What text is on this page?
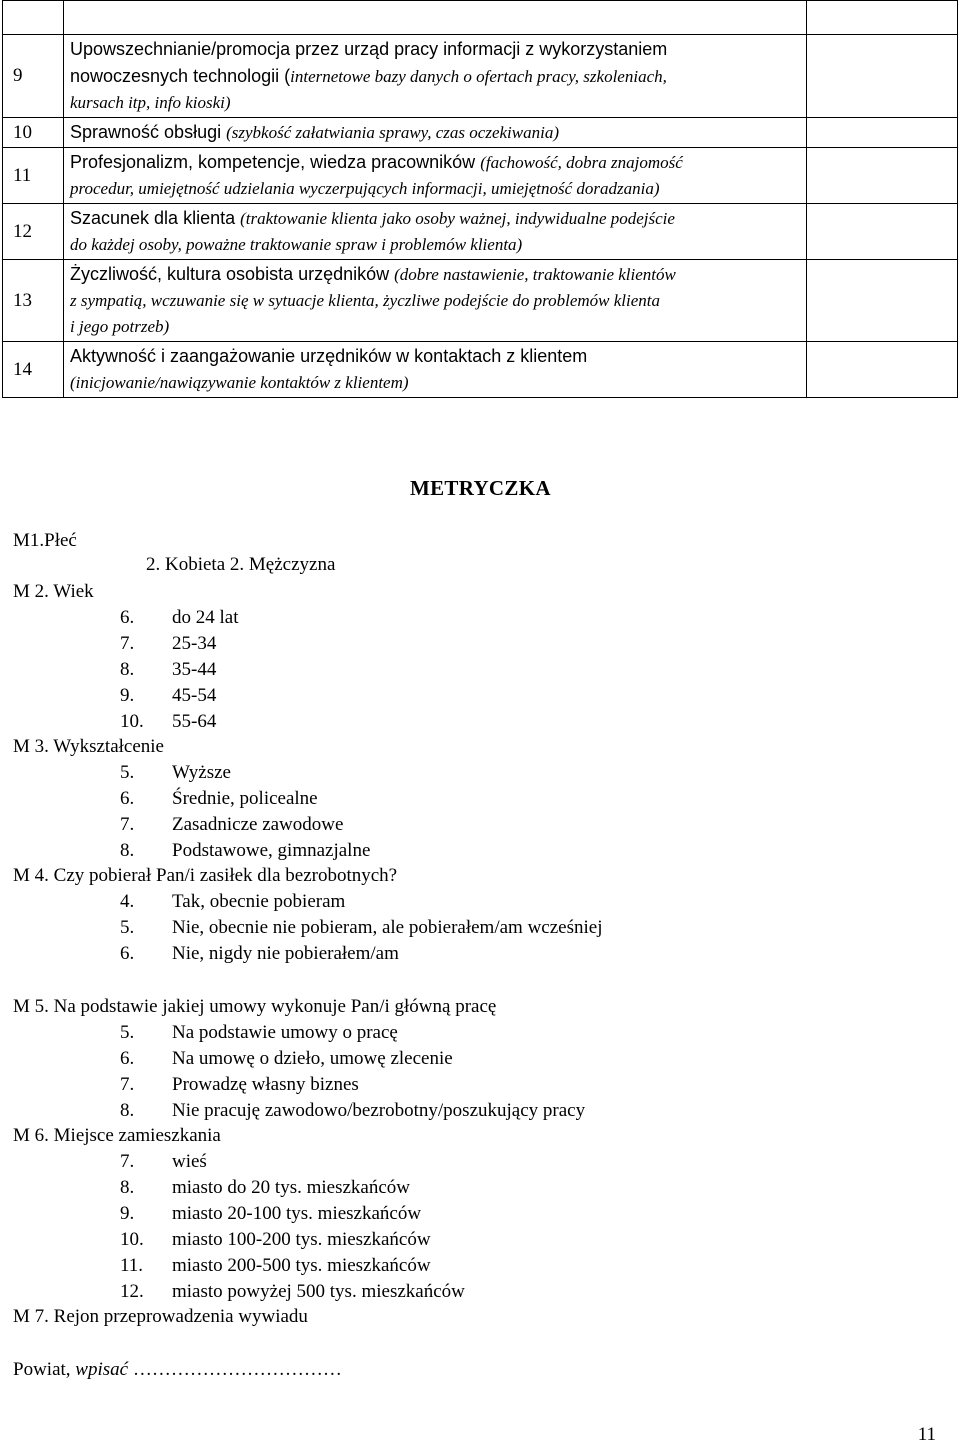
9	Upowszechnianie/promocja przez urząd pracy informacji z wykorzystaniem
nowoczesnych technologii (internetowe bazy danych o ofertach pracy, szkoleniach,
kursach itp, info kioski)	

10	Sprawność obsługi (szybkość załatwiania sprawy, czas oczekiwania)	

11	Profesjonalizm, kompetencje, wiedza pracowników (fachowość, dobra znajomość
procedur, umiejętność udzielania wyczerpujących informacji, umiejętność doradzania)	

12	Szacunek dla klienta (traktowanie klienta jako osoby ważnej, indywidualne podejście
do każdej osoby, poważne traktowanie spraw i problemów klienta)	

13	Życzliwość, kultura osobista urzędników (dobre nastawienie, traktowanie klientów
z sympatią, wczuwanie się w sytuacje klienta, życzliwe podejście do problemów klienta
i jego potrzeb)	

14	Aktywność i zaangażowanie urzędników w kontaktach z klientem
(inicjowanie/nawiązywanie kontaktów z klientem)	

METRYCZKA
M1.Płeć
2. Kobieta 2. Mężczyzna
M 2. Wiek
M 3. Wykształcenie
M 4. Czy pobierał Pan/i zasiłek dla bezrobotnych?
M 5. Na podstawie jakiej umowy wykonuje Pan/i główną pracę
M 6. Miejsce zamieszkania
M 7. Rejon przeprowadzenia wywiadu
Powiat, wpisać ……………………………
6. do 24 lat
7. 25-34
8. 35-44
9. 45-54
10. 55-64
5. Wyższe
6. Średnie, policealne
7. Zasadnicze zawodowe
8. Podstawowe, gimnazjalne
4. Tak, obecnie pobieram
5. Nie, obecnie nie pobieram, ale pobierałem/am wcześniej
6. Nie, nigdy nie pobierałem/am
5. Na podstawie umowy o pracę
6. Na umowę o dzieło, umowę zlecenie
7. Prowadzę własny biznes
8. Nie pracuję zawodowo/bezrobotny/poszukujący pracy
7. wieś
8. miasto do 20 tys. mieszkańców
9. miasto 20-100 tys. mieszkańców
10. miasto 100-200 tys. mieszkańców
11. miasto 200-500 tys. mieszkańców
12. miasto powyżej 500 tys. mieszkańców
11
